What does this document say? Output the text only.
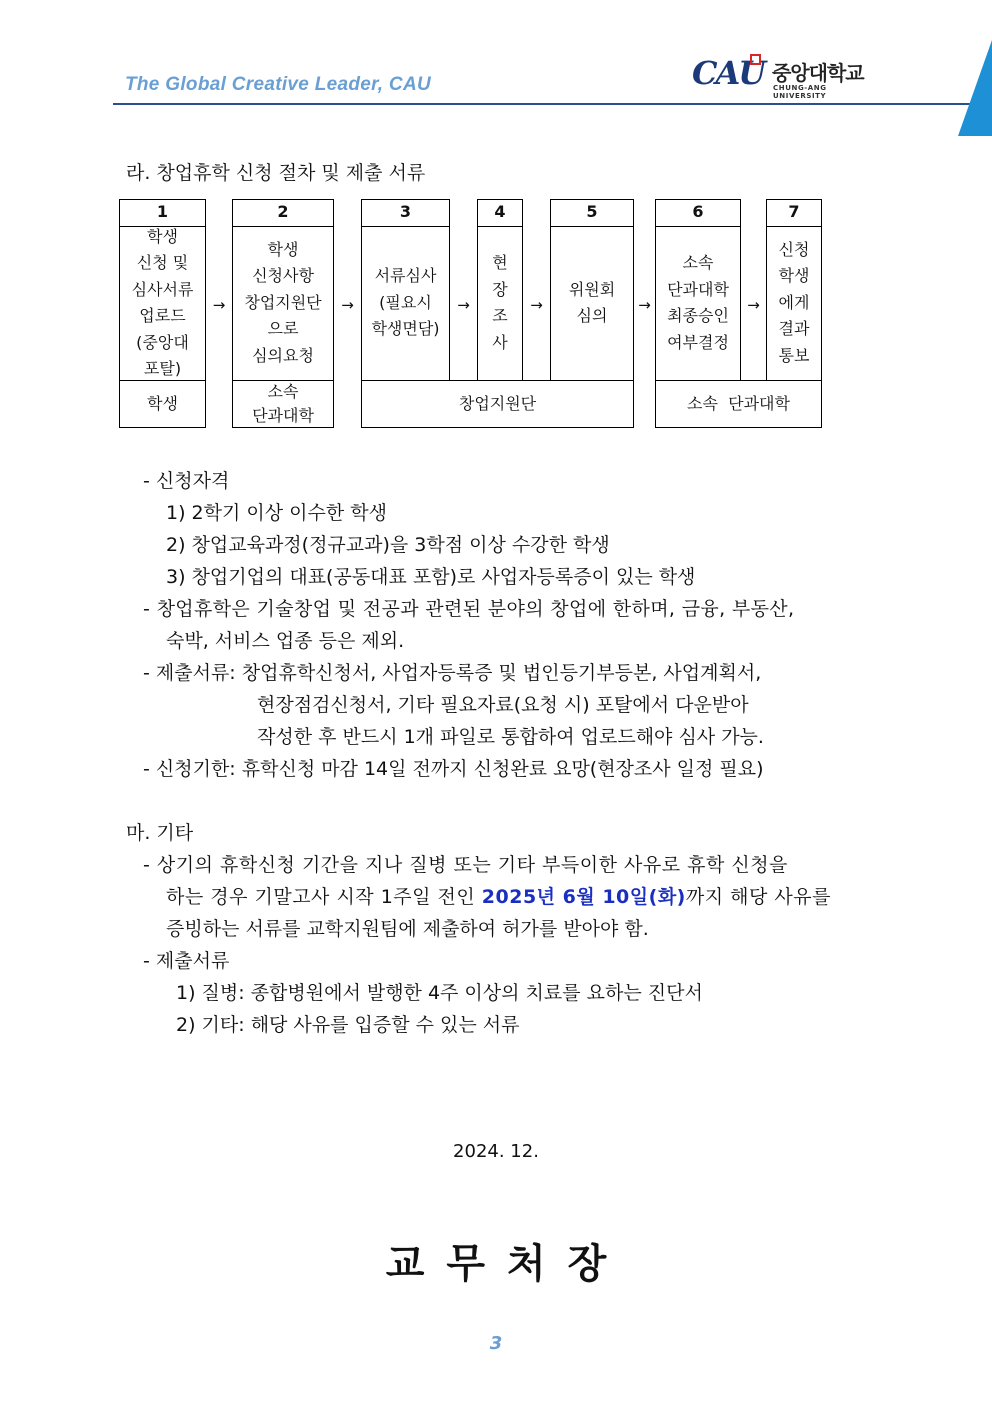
The Global Creative Leader, CAU	CAU 중앙대학교
CHUNG-ANG UNIVERSITY
라. 창업휴학 신청 절차 및 제출 서류
1
학생
신청 및
심사서류
업로드
(중앙대
포탈)
→
2
학생
신청사항
창업지원단
으로
심의요청
→
3
서류심사
(필요시
학생면담)
→
4
현
장
조
사
→
5
위원회
심의
→
6
소속
단과대학
최종승인
여부결정
→
7
신청
학생
에게
결과
통보
학생
소속
단과대학
창업지원단	소속  단과대학
- 신청자격
1) 2학기 이상 이수한 학생
2) 창업교육과정(정규교과)을 3학점 이상 수강한 학생
3) 창업기업의 대표(공동대표 포함)로 사업자등록증이 있는 학생
- 창업휴학은 기술창업 및 전공과 관련된 분야의 창업에 한하며, 금융, 부동산,
숙박, 서비스 업종 등은 제외.
- 제출서류: 창업휴학신청서, 사업자등록증 및 법인등기부등본, 사업계획서,
현장점검신청서, 기타 필요자료(요청 시) 포탈에서 다운받아
작성한 후 반드시 1개 파일로 통합하여 업로드해야 심사 가능.
- 신청기한: 휴학신청 마감 14일 전까지 신청완료 요망(현장조사 일정 필요)
마. 기타
- 상기의 휴학신청 기간을 지나 질병 또는 기타 부득이한 사유로 휴학 신청을
하는 경우 기말고사 시작 1주일 전인 2025년 6월 10일(화)까지 해당 사유를
증빙하는 서류를 교학지원팀에 제출하여 허가를 받아야 함.
- 제출서류
1) 질병: 종합병원에서 발행한 4주 이상의 치료를 요하는 진단서
2) 기타: 해당 사유를 입증할 수 있는 서류
2024. 12.
교무처장
3
